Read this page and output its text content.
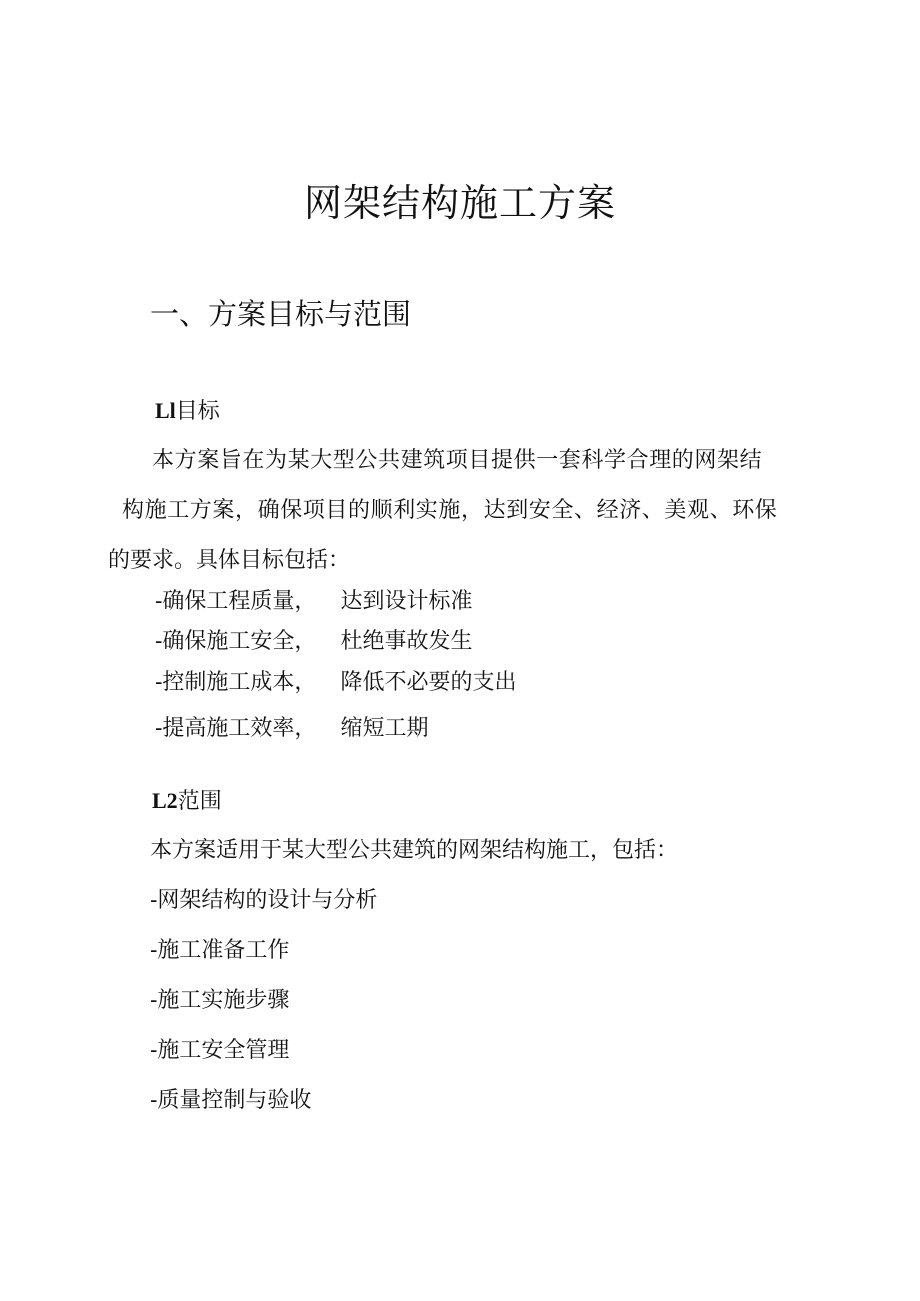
网架结构施工方案
一、方案目标与范围
Ll目标

本方案旨在为某大型公共建筑项目提供一套科学合理的网架结

构施工方案，确保项目的顺利实施，达到安全、经济、美观、环保

的要求。具体目标包括：

-确保工程质量， 达到设计标准
-确保施工安全， 杜绝事故发生
-控制施工成本， 降低不必要的支出
-提高施工效率， 缩短工期
L2范围

本方案适用于某大型公共建筑的网架结构施工，包括：

-网架结构的设计与分析
-施工准备工作
-施工实施步骤
-施工安全管理
-质量控制与验收
